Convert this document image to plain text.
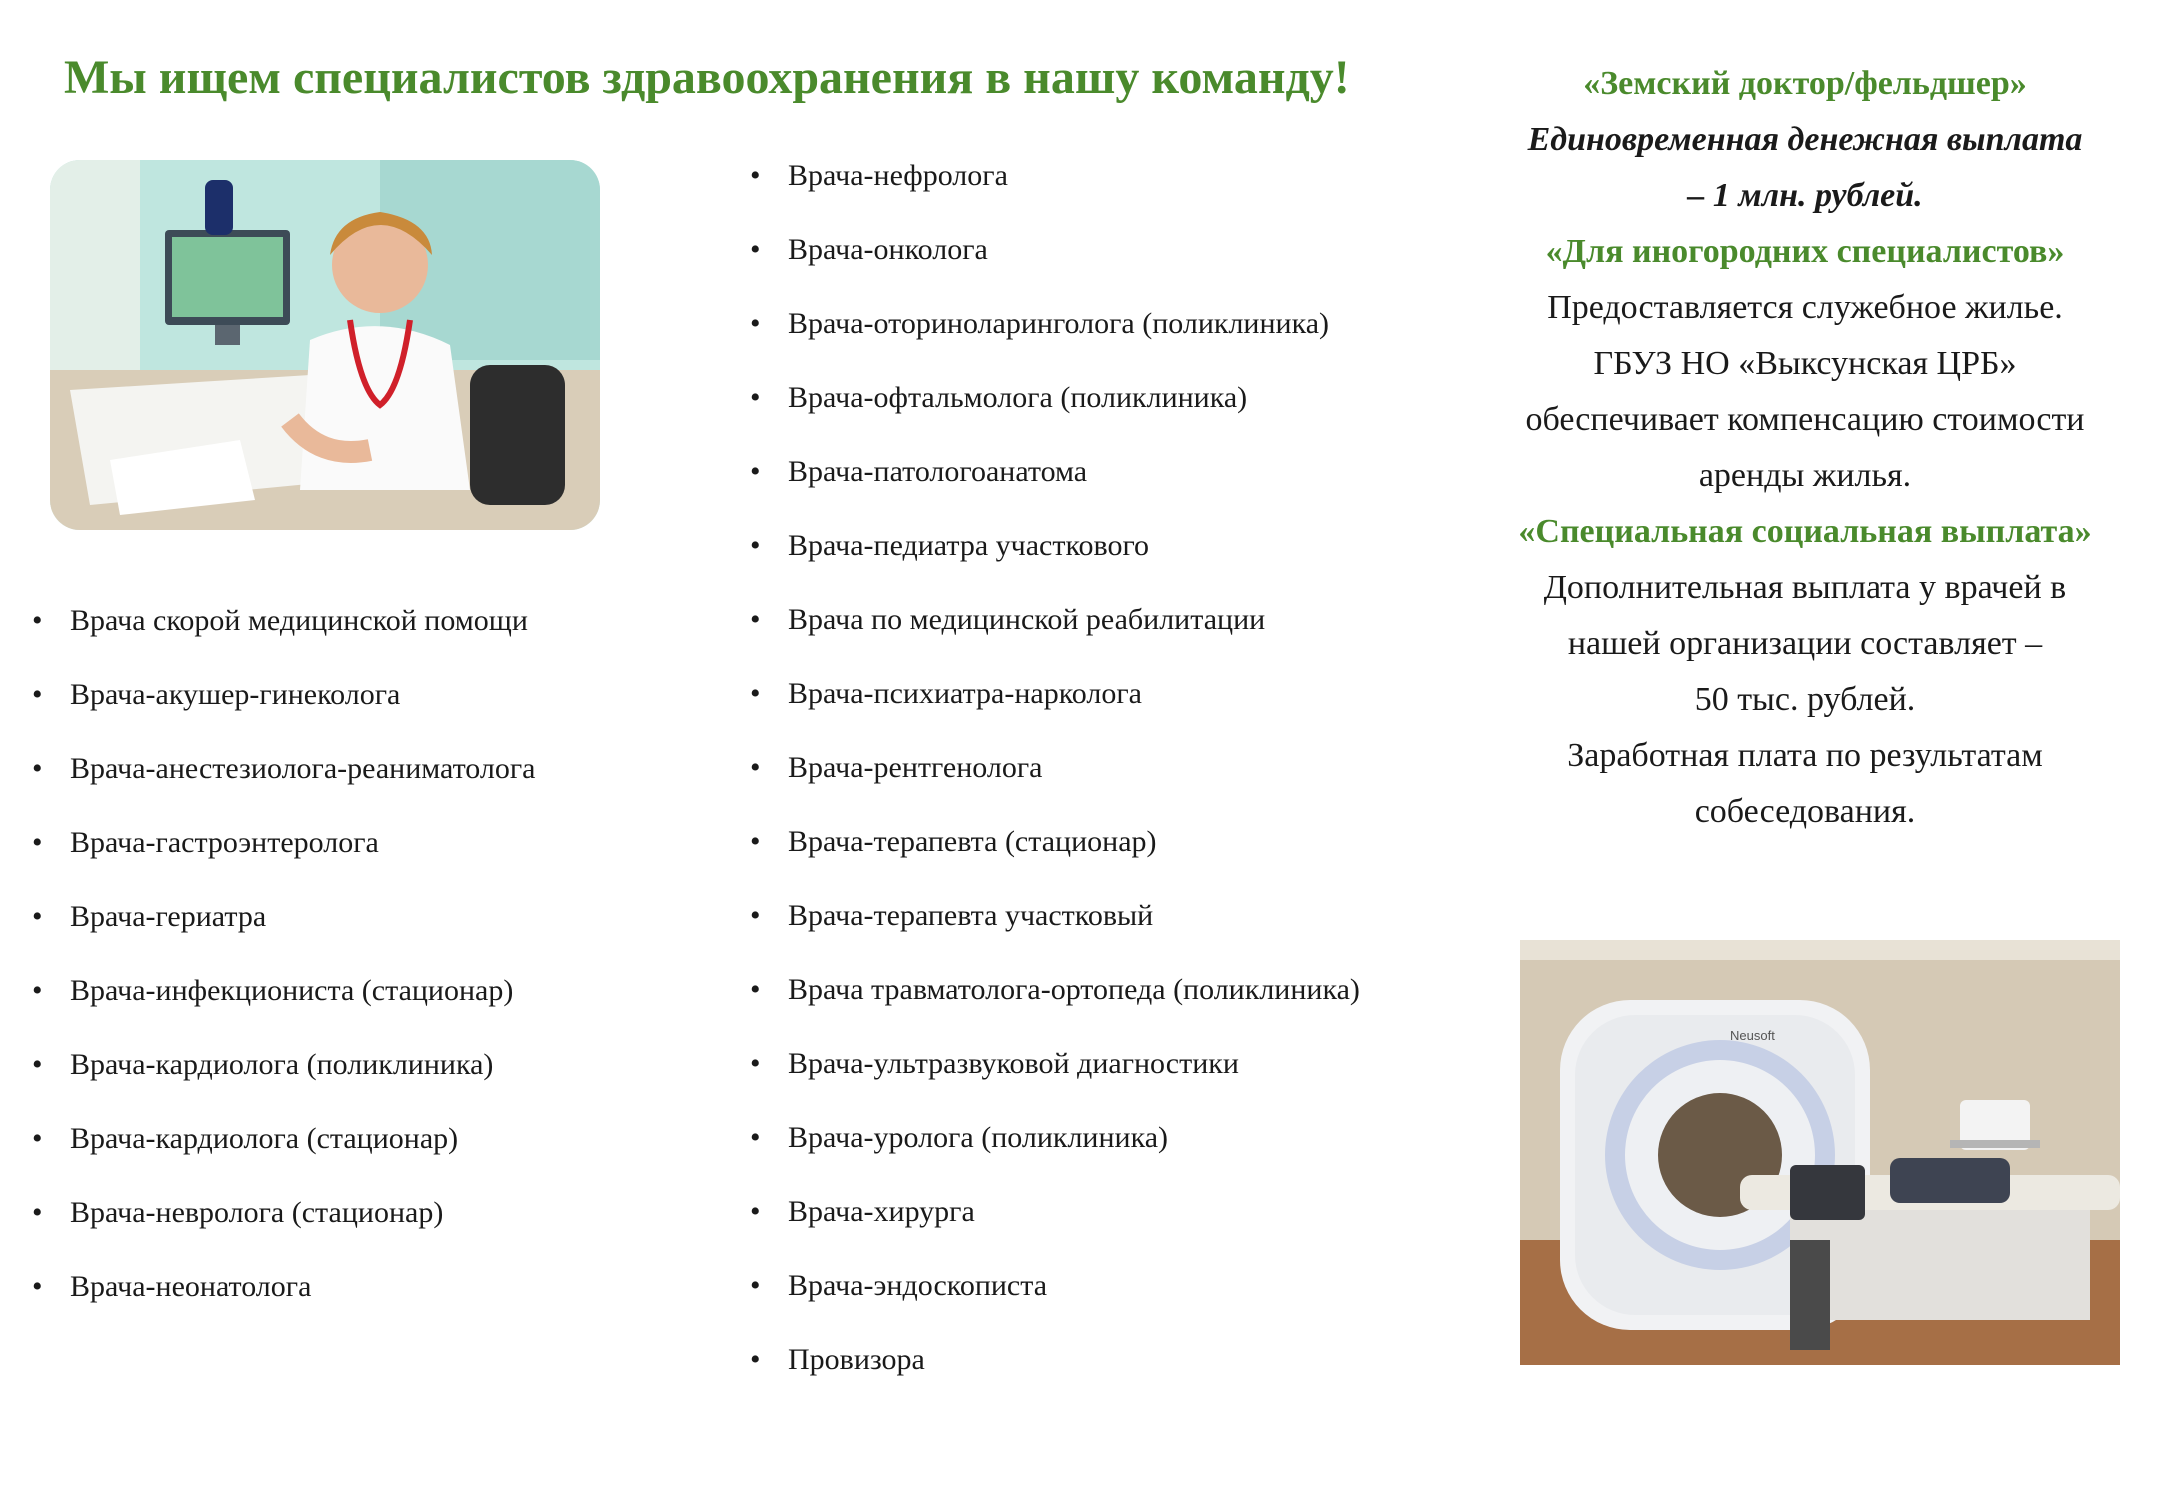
Мы ищем специалистов здравоохранения в нашу команду!
• Врача скорой медицинской помощи
• Врача-акушер-гинеколога
• Врача-анестезиолога-реаниматолога
• Врача-гастроэнтеролога
• Врача-гериатра
• Врача-инфекциониста (стационар)
• Врача-кардиолога (поликлиника)
• Врача-кардиолога (стационар)
• Врача-невролога (стационар)
• Врача-неонатолога
• Врача-нефролога
• Врача-онколога
• Врача-оториноларинголога (поликлиника)
• Врача-офтальмолога (поликлиника)
• Врача-патологоанатома
• Врача-педиатра участкового
• Врача по медицинской реабилитации
• Врача-психиатра-нарколога
• Врача-рентгенолога
• Врача-терапевта (стационар)
• Врача-терапевта участковый
• Врача травматолога-ортопеда (поликлиника)
• Врача-ультразвуковой диагностики
• Врача-уролога (поликлиника)
• Врача-хирурга
• Врача-эндоскописта
• Провизора
«Земский доктор/фельдшер»
Единовременная денежная выплата
– 1 млн. рублей.
«Для иногородних специалистов»
Предоставляется служебное жилье.
ГБУЗ НО «Выксунская ЦРБ»
обеспечивает компенсацию стоимости
аренды жилья.
«Специальная социальная выплата»
Дополнительная выплата у врачей в
нашей организации составляет –
50 тыс. рублей.
Заработная плата по результатам
собеседования.
Neusoft
